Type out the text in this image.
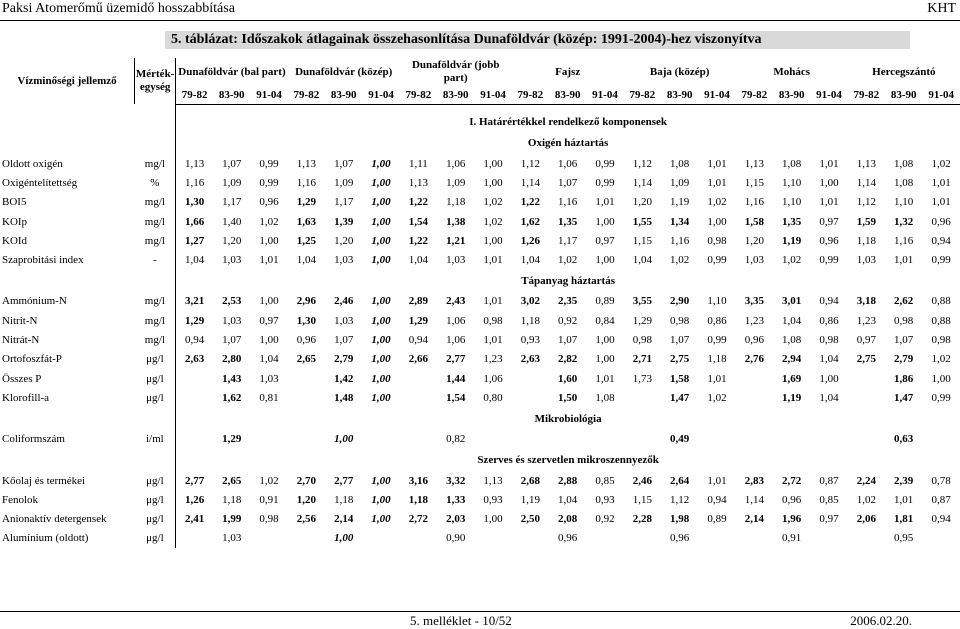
Paksi Atomerőmű üzemidő hosszabbítása	KHT
5. táblázat: Időszakok átlagainak összehasonlítása Dunaföldvár (közép: 1991-2004)-hez viszonyítva
Vízminőségi jellemző	Mérték-egység	Dunaföldvár (bal part)			Dunaföldvár (közép)			Dunaföldvár (jobb part)			Fajsz			Baja (közép)			Mohács			Hercegszántó		
		79-82	83-90	91-04	79-82	83-90	91-04	79-82	83-90	91-04	79-82	83-90	91-04	79-82	83-90	91-04	79-82	83-90	91-04	79-82	83-90	91-04

		I. Határértékkel rendelkező komponensek																				
		Oxigén háztartás																				
Oldott oxigén	mg/l	1,13	1,07	0,99	1,13	1,07	1,00	1,11	1,06	1,00	1,12	1,06	0,99	1,12	1,08	1,01	1,13	1,08	1,01	1,13	1,08	1,02
Oxigéntelítettség	%	1,16	1,09	0,99	1,16	1,09	1,00	1,13	1,09	1,00	1,14	1,07	0,99	1,14	1,09	1,01	1,15	1,10	1,00	1,14	1,08	1,01
BOI5	mg/l	1,30	1,17	0,96	1,29	1,17	1,00	1,22	1,18	1,02	1,22	1,16	1,01	1,20	1,19	1,02	1,16	1,10	1,01	1,12	1,10	1,01
KOIp	mg/l	1,66	1,40	1,02	1,63	1,39	1,00	1,54	1,38	1,02	1,62	1,35	1,00	1,55	1,34	1,00	1,58	1,35	0,97	1,59	1,32	0,96
KOId	mg/l	1,27	1,20	1,00	1,25	1,20	1,00	1,22	1,21	1,00	1,26	1,17	0,97	1,15	1,16	0,98	1,20	1,19	0,96	1,18	1,16	0,94
Szaprobitási index	-	1,04	1,03	1,01	1,04	1,03	1,00	1,04	1,03	1,01	1,04	1,02	1,00	1,04	1,02	0,99	1,03	1,02	0,99	1,03	1,01	0,99
		Tápanyag háztartás																				
Ammónium-N	mg/l	3,21	2,53	1,00	2,96	2,46	1,00	2,89	2,43	1,01	3,02	2,35	0,89	3,55	2,90	1,10	3,35	3,01	0,94	3,18	2,62	0,88
Nitrit-N	mg/l	1,29	1,03	0,97	1,30	1,03	1,00	1,29	1,06	0,98	1,18	0,92	0,84	1,29	0,98	0,86	1,23	1,04	0,86	1,23	0,98	0,88
Nitrát-N	mg/l	0,94	1,07	1,00	0,96	1,07	1,00	0,94	1,06	1,01	0,93	1,07	1,00	0,98	1,07	0,99	0,96	1,08	0,98	0,97	1,07	0,98
Ortofoszfát-P	μg/l	2,63	2,80	1,04	2,65	2,79	1,00	2,66	2,77	1,23	2,63	2,82	1,00	2,71	2,75	1,18	2,76	2,94	1,04	2,75	2,79	1,02
Összes P	μg/l		1,43	1,03		1,42	1,00		1,44	1,06		1,60	1,01	1,73	1,58	1,01		1,69	1,00		1,86	1,00
Klorofill-a	μg/l		1,62	0,81		1,48	1,00		1,54	0,80		1,50	1,08		1,47	1,02		1,19	1,04		1,47	0,99
		Mikrobiológia																				
Coliformszám	i/ml		1,29			1,00			0,82						0,49						0,63	
		Szerves és szervetlen mikroszennyezők																				
Kőolaj és termékei	μg/l	2,77	2,65	1,02	2,70	2,77	1,00	3,16	3,32	1,13	2,68	2,88	0,85	2,46	2,64	1,01	2,83	2,72	0,87	2,24	2,39	0,78
Fenolok	μg/l	1,26	1,18	0,91	1,20	1,18	1,00	1,18	1,33	0,93	1,19	1,04	0,93	1,15	1,12	0,94	1,14	0,96	0,85	1,02	1,01	0,87
Anionaktív detergensek	μg/l	2,41	1,99	0,98	2,56	2,14	1,00	2,72	2,03	1,00	2,50	2,08	0,92	2,28	1,98	0,89	2,14	1,96	0,97	2,06	1,81	0,94
Alumínium (oldott)	μg/l		1,03			1,00			0,90			0,96			0,96			0,91			0,95	
5. melléklet - 10/52	2006.02.20.
